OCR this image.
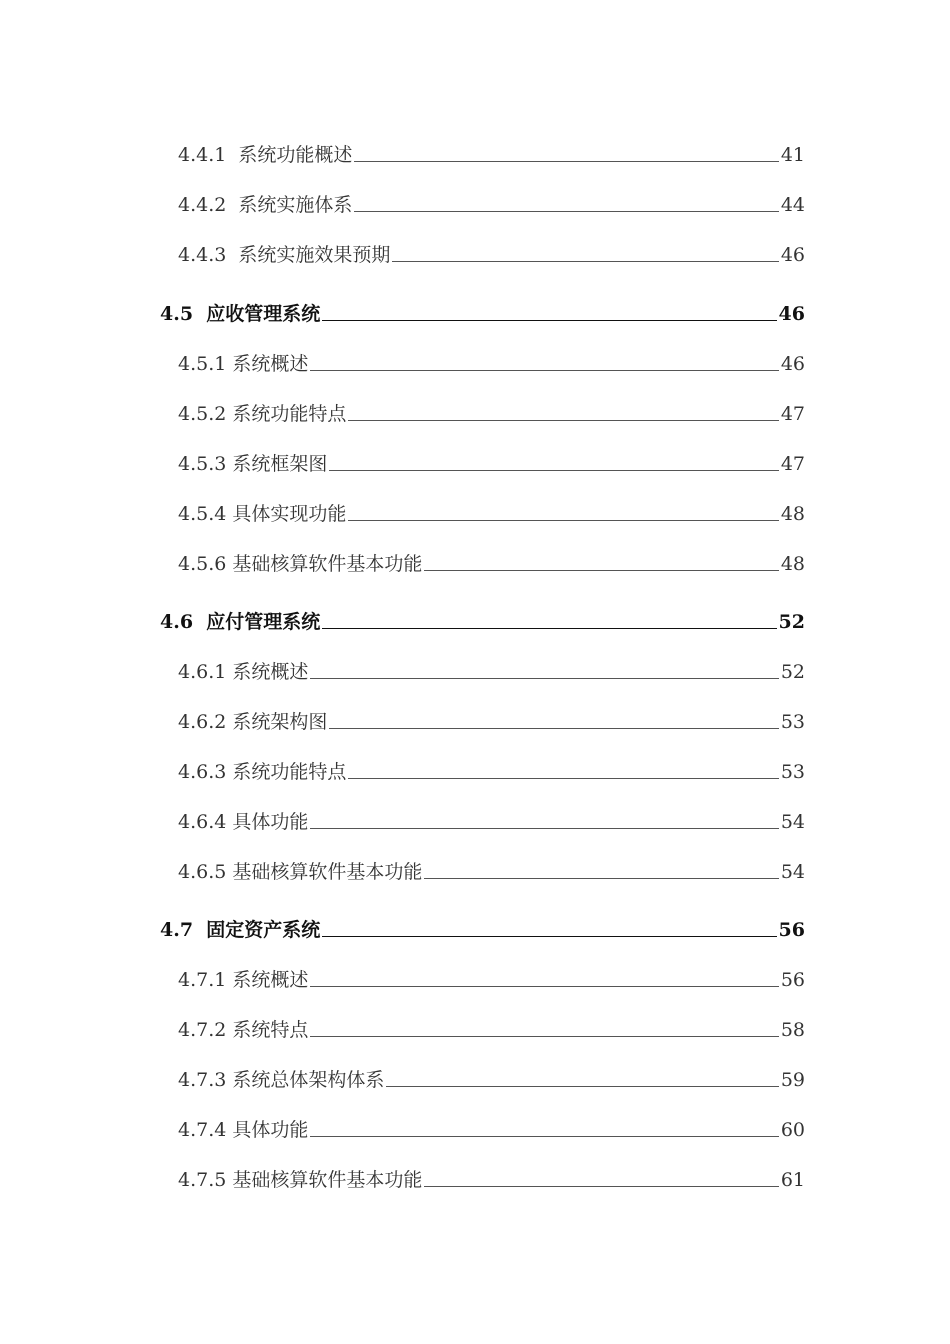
4.4.1  系统功能概述	41
4.4.2  系统实施体系	44
4.4.3  系统实施效果预期	46
4.5  应收管理系统	46
4.5.1 系统概述	46
4.5.2 系统功能特点	47
4.5.3 系统框架图	47
4.5.4 具体实现功能	48
4.5.6 基础核算软件基本功能	48
4.6  应付管理系统	52
4.6.1 系统概述	52
4.6.2 系统架构图	53
4.6.3 系统功能特点	53
4.6.4 具体功能	54
4.6.5 基础核算软件基本功能	54
4.7  固定资产系统	56
4.7.1 系统概述	56
4.7.2 系统特点	58
4.7.3 系统总体架构体系	59
4.7.4 具体功能	60
4.7.5 基础核算软件基本功能	61
